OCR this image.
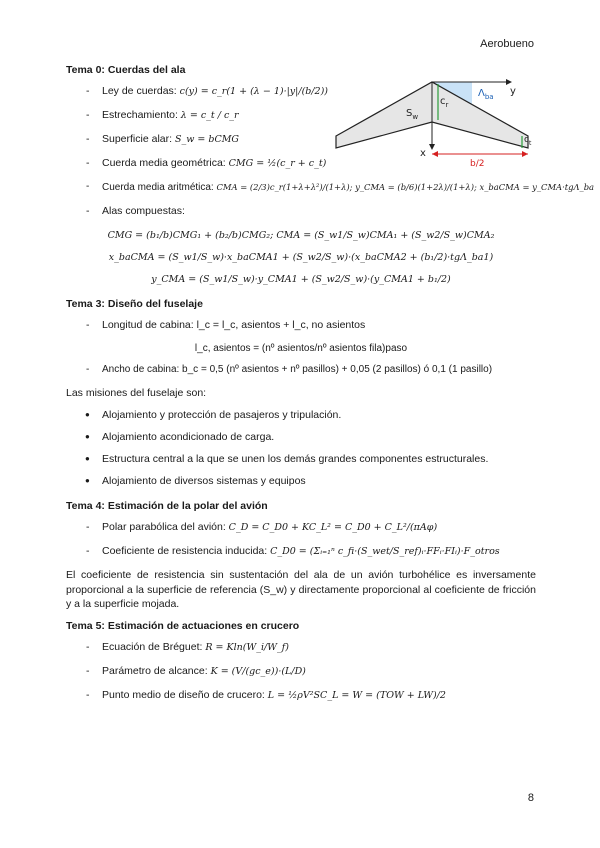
Aerobueno
Tema 0: Cuerdas del ala
- Ley de cuerdas: c(y) = c_r(1 + (λ − 1)·|y|/(b/2))
- Estrechamiento: λ = c_t / c_r
- Superficie alar: S_w = bCMG
- Cuerda media geométrica: CMG = ½(c_r + c_t)
- Cuerda media aritmética: CMA = (2/3)c_r(1+λ+λ²)/(1+λ); y_CMA = (b/6)(1+2λ)/(1+λ); x_baCMA = y_CMA·tgΛ_ba
- Alas compuestas:
CMG = (b₁/b)CMG₁ + (b₂/b)CMG₂; CMA = (S_w1/S_w)CMA₁ + (S_w2/S_w)CMA₂
x_baCMA = (S_w1/S_w)·x_baCMA1 + (S_w2/S_w)·(x_baCMA2 + (b₁/2)·tgΛ_ba1)
y_CMA = (S_w1/S_w)·y_CMA1 + (S_w2/S_w)·(y_CMA1 + b₁/2)
Tema 3: Diseño del fuselaje
- Longitud de cabina: l_c = l_c, asientos + l_c, no asientos
l_c, asientos = (nº asientos/nº asientos fila)paso
- Ancho de cabina: b_c = 0,5 (nº asientos + nº pasillos) + 0,05 (2 pasillos) ó 0,1 (1 pasillo)
Las misiones del fuselaje son:
● Alojamiento y protección de pasajeros y tripulación.
● Alojamiento acondicionado de carga.
● Estructura central a la que se unen los demás grandes componentes estructurales.
● Alojamiento de diversos sistemas y equipos
Tema 4: Estimación de la polar del avión
- Polar parabólica del avión: C_D = C_D0 + KC_L² = C_D0 + C_L²/(πAφ)
- Coeficiente de resistencia inducida: C_D0 = (Σᵢ₌₁ⁿ c_fi·(S_wet/S_ref)ᵢ·FFᵢ·FIᵢ)·F_otros
El coeficiente de resistencia sin sustentación del ala de un avión turbohélice es inversamente proporcional a la superficie de referencia (S_w) y directamente proporcional al coeficiente de fricción y a la superficie mojada.
Tema 5: Estimación de actuaciones en crucero
- Ecuación de Bréguet: R = Kln(W_i/W_f)
- Parámetro de alcance: K = (V/(gc_e))·(L/D)
- Punto medio de diseño de crucero: L = ½ρV²SC_L = W = (TOW + LW)/2
$S_w$
$c_r$
$c_t$
$\Lambda_{ba}$ y
x
b/2
8
